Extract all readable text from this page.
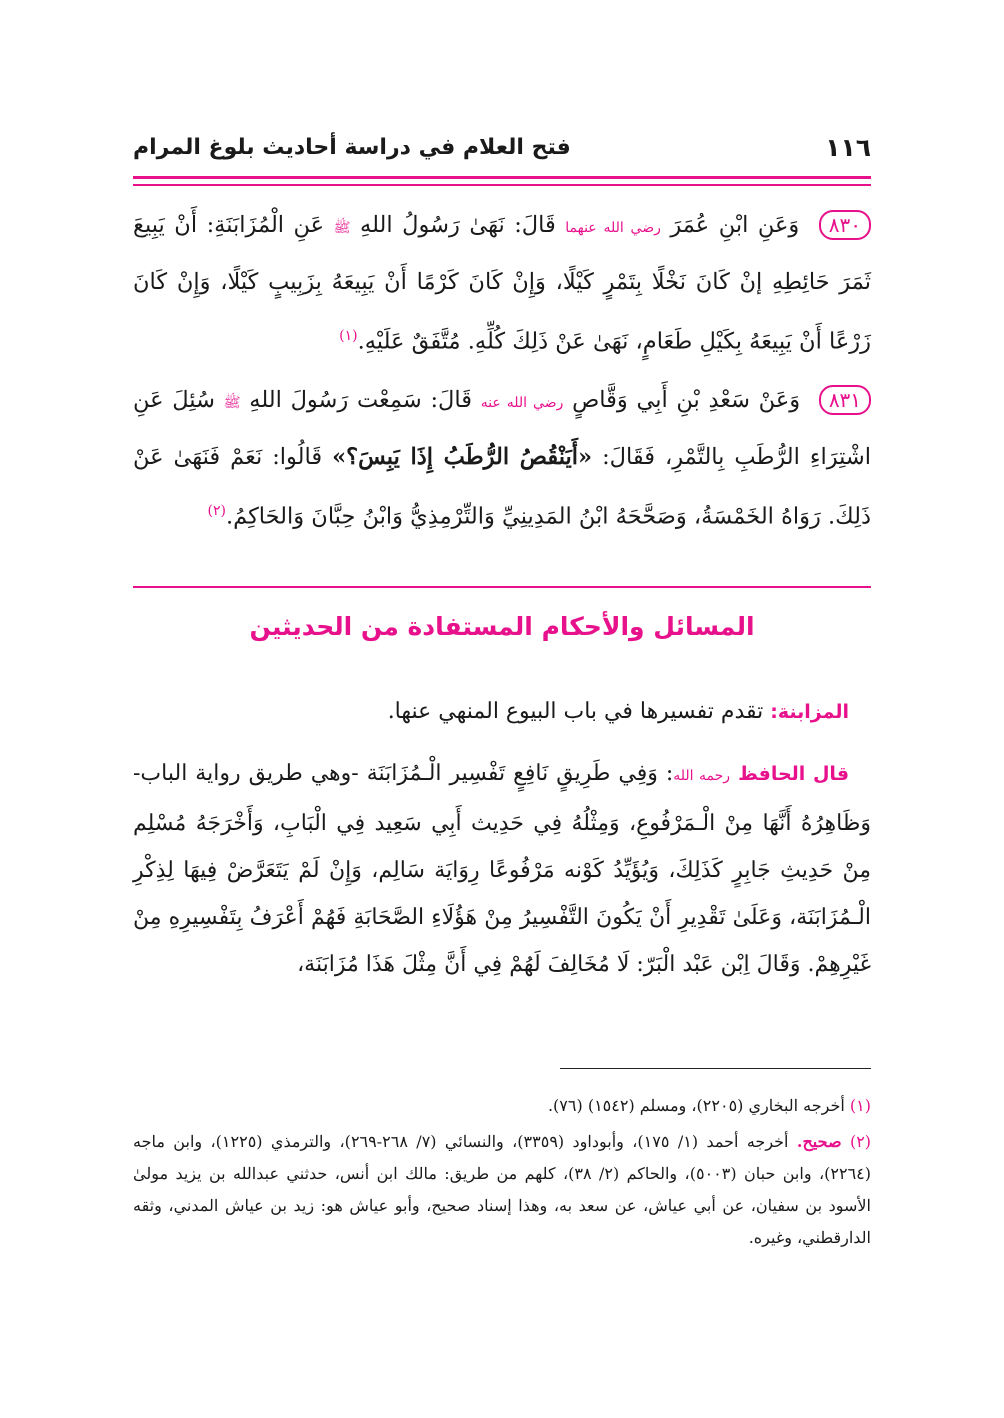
١١٦
فتح العلام في دراسة أحاديث بلوغ المرام

٨٣٠ وَعَنِ ابْنِ عُمَرَ رضي الله عنهما قَالَ: نَهَىٰ رَسُولُ اللهِ ﷺ عَنِ الْمُزَابَنَةِ: أَنْ يَبِيعَ ثَمَرَ حَائِطِهِ إنْ كَانَ نَخْلًا بِتَمْرٍ كَيْلًا، وَإِنْ كَانَ كَرْمًا أَنْ يَبِيعَهُ بِزَبِيبٍ كَيْلًا، وَإِنْ كَانَ زَرْعًا أَنْ يَبِيعَهُ بِكَيْلِ طَعَامٍ، نَهَىٰ عَنْ ذَلِكَ كُلِّهِ. مُتَّفَقٌ عَلَيْهِ.$^{(١)}$

٨٣١ وَعَنْ سَعْدِ بْنِ أَبِي وَقَّاصٍ رضي الله عنه قَالَ: سَمِعْت رَسُولَ اللهِ ﷺ سُئِلَ عَنِ اشْتِرَاءِ الرُّطَبِ بِالتَّمْرِ، فَقَالَ: «أَيَنْقُصُ الرُّطَبُ إِذَا يَبِسَ؟» قَالُوا: نَعَمْ فَنَهَىٰ عَنْ ذَلِكَ. رَوَاهُ الخَمْسَةُ، وَصَحَّحَهُ ابْنُ المَدِينِيِّ وَالتِّرْمِذِيُّ وَابْنُ حِبَّانَ وَالحَاكِمُ.$^{(٢)}$

المسائل والأحكام المستفادة من الحديثين

المزابنة: تقدم تفسيرها في باب البيوع المنهي عنها.

قال الحافظ رحمه الله: وَفِي طَرِيقٍ نَافِعٍ تَفْسِير الْـمُزَابَنَة -وهي طريق رواية الباب- وَظَاهِرُهُ أَنَّهَا مِنْ الْـمَرْفُوعِ، وَمِثْلُهُ فِي حَدِيث أَبِي سَعِيد فِي الْبَابِ، وَأَخْرَجَهُ مُسْلِم مِنْ حَدِيثِ جَابِرٍ كَذَلِكَ، وَيُؤَيِّدُ كَوْنه مَرْفُوعًا رِوَايَة سَالِم، وَإِنْ لَمْ يَتَعَرَّضْ فِيهَا لِذِكْرِ الْـمُزَابَنَة، وَعَلَىٰ تَقْدِيرِ أَنْ يَكُونَ التَّفْسِيرُ مِنْ هَؤُلَاءِ الصَّحَابَةِ فَهُمْ أَعْرَفُ بِتَفْسِيرِهِ مِنْ غَيْرِهِمْ. وَقَالَ اِبْن عَبْد الْبَرّ: لَا مُخَالِفَ لَهُمْ فِي أَنَّ مِثْلَ هَذَا مُزَابَنَة،

(١) أخرجه البخاري (٢٢٠٥)، ومسلم (١٥٤٢) (٧٦).

(٢) صحيح. أخرجه أحمد (١/ ١٧٥)، وأبوداود (٣٣٥٩)، والنسائي (٧/ ٢٦٨-٢٦٩)، والترمذي (١٢٢٥)، وابن ماجه (٢٢٦٤)، وابن حبان (٥٠٠٣)، والحاكم (٢/ ٣٨)، كلهم من طريق: مالك ابن أنس، حدثني عبدالله بن يزيد مولىٰ الأسود بن سفيان، عن أبي عياش، عن سعد به، وهذا إسناد صحيح، وأبو عياش هو: زيد بن عياش المدني، وثقه الدارقطني، وغيره.
